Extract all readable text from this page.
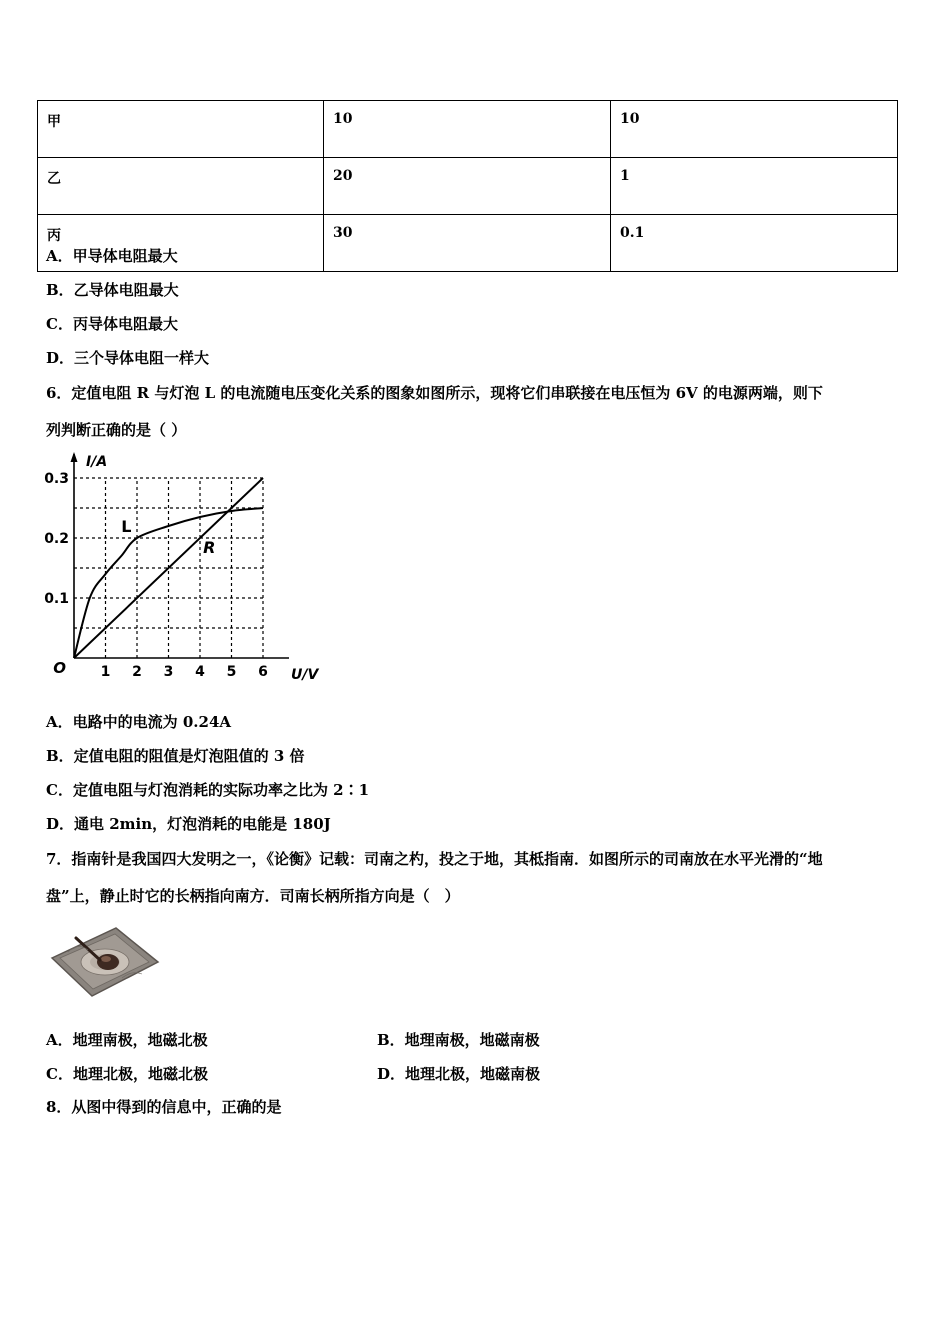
甲	10	10
乙	20	1
丙	30	0.1
A．甲导体电阻最大
B．乙导体电阻最大
C．丙导体电阻最大
D．三个导体电阻一样大
6．定值电阻 R 与灯泡 L 的电流随电压变化关系的图象如图所示，现将它们串联接在电压恒为 6V 的电源两端，则下
列判断正确的是（ ）
L
R
1 2 3 4 5 6
0.1
0.2
0.3
O
I/A
U/V
A．电路中的电流为 0.24A
B．定值电阻的阻值是灯泡阻值的 3 倍
C．定值电阻与灯泡消耗的实际功率之比为 2∶1
D．通电 2min，灯泡消耗的电能是 180J
7．指南针是我国四大发明之一，《论衡》记载：司南之杓，投之于地，其柢指南．如图所示的司南放在水平光滑的“地
盘”上，静止时它的长柄指向南方．司南长柄所指方向是（　）
A．地理南极，地磁北极	B．地理南极，地磁南极
C．地理北极，地磁北极	D．地理北极，地磁南极
8．从图中得到的信息中，正确的是
